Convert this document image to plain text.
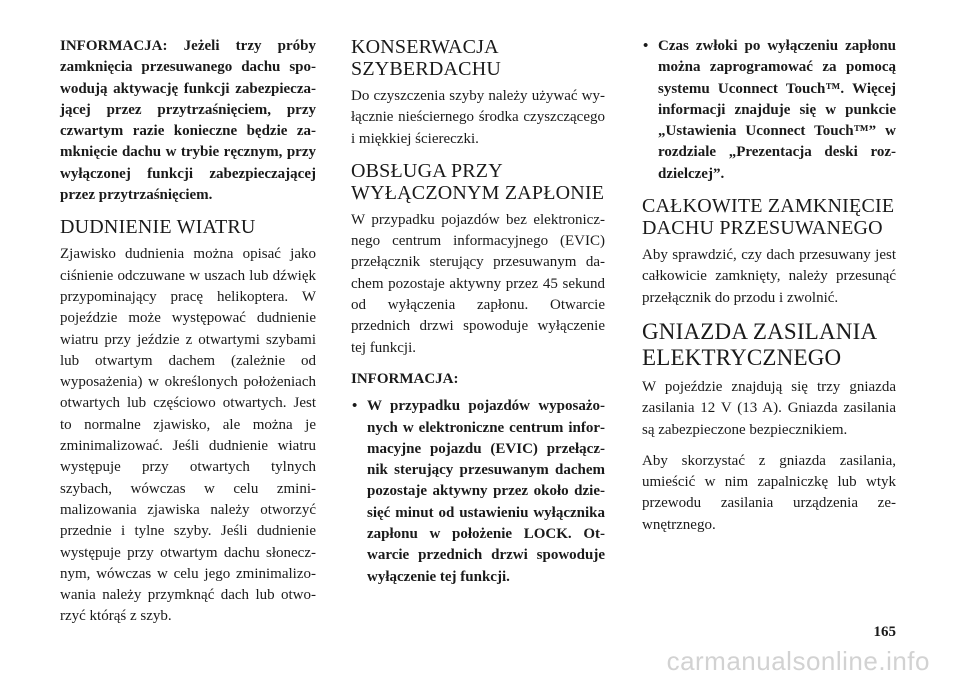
INFORMACJA: Jeżeli trzy próby zamknięcia przesuwanego dachu spowodują aktywację funkcji zabezpieczającej przez przytrzaśnięciem, przy czwartym razie konieczne będzie zamknięcie dachu w trybie ręcznym, przy wyłączonej funkcji zabezpieczającej przez przytrzaśnięciem.

DUDNIENIE WIATRU

Zjawisko dudnienia można opisać jako ciśnienie odczuwane w uszach lub dźwięk przypominający pracę helikoptera. W pojeździe może występować dudnienie wiatru przy jeździe z otwartymi szybami lub otwartym dachem (zależnie od wyposażenia) w określonych położeniach otwartych lub częściowo otwartych. Jest to normalne zjawisko, ale można je zminimalizować. Jeśli dudnienie wiatru występuje przy otwartych tylnych szybach, wówczas w celu zminimalizowania zjawiska należy otworzyć przednie i tylne szyby. Jeśli dudnienie występuje przy otwartym dachu słonecznym, wówczas w celu jego zminimalizowania należy przymknąć dach lub otworzyć którąś z szyb.

KONSERWACJA SZYBERDACHU

Do czyszczenia szyby należy używać wyłącznie nieściernego środka czyszczącego i miękkiej ściereczki.

OBSŁUGA PRZY WYŁĄCZONYM ZAPŁONIE

W przypadku pojazdów bez elektronicznego centrum informacyjnego (EVIC) przełącznik sterujący przesuwanym dachem pozostaje aktywny przez 45 sekund od wyłączenia zapłonu. Otwarcie przednich drzwi spowoduje wyłączenie tej funkcji.

INFORMACJA:

• W przypadku pojazdów wyposażonych w elektroniczne centrum informacyjne pojazdu (EVIC) przełącznik sterujący przesuwanym dachem pozostaje aktywny przez około dziesięć minut od ustawieniu wyłącznika zapłonu w położenie LOCK. Otwarcie przednich drzwi spowoduje wyłączenie tej funkcji.
• Czas zwłoki po wyłączeniu zapłonu można zaprogramować za pomocą systemu Uconnect Touch™. Więcej informacji znajduje się w punkcie „Ustawienia Uconnect Touch™” w rozdziale „Prezentacja deski rozdzielczej”.
CAŁKOWITE ZAMKNIĘCIE DACHU PRZESUWANEGO

Aby sprawdzić, czy dach przesuwany jest całkowicie zamknięty, należy przesunąć przełącznik do przodu i zwolnić.

GNIAZDA ZASILANIA ELEKTRYCZNEGO

W pojeździe znajdują się trzy gniazda zasilania 12 V (13 A). Gniazda zasilania są zabezpieczone bezpiecznikiem.

Aby skorzystać z gniazda zasilania, umieścić w nim zapalniczkę lub wtyk przewodu zasilania urządzenia zewnętrznego.

165
carmanualsonline.info
